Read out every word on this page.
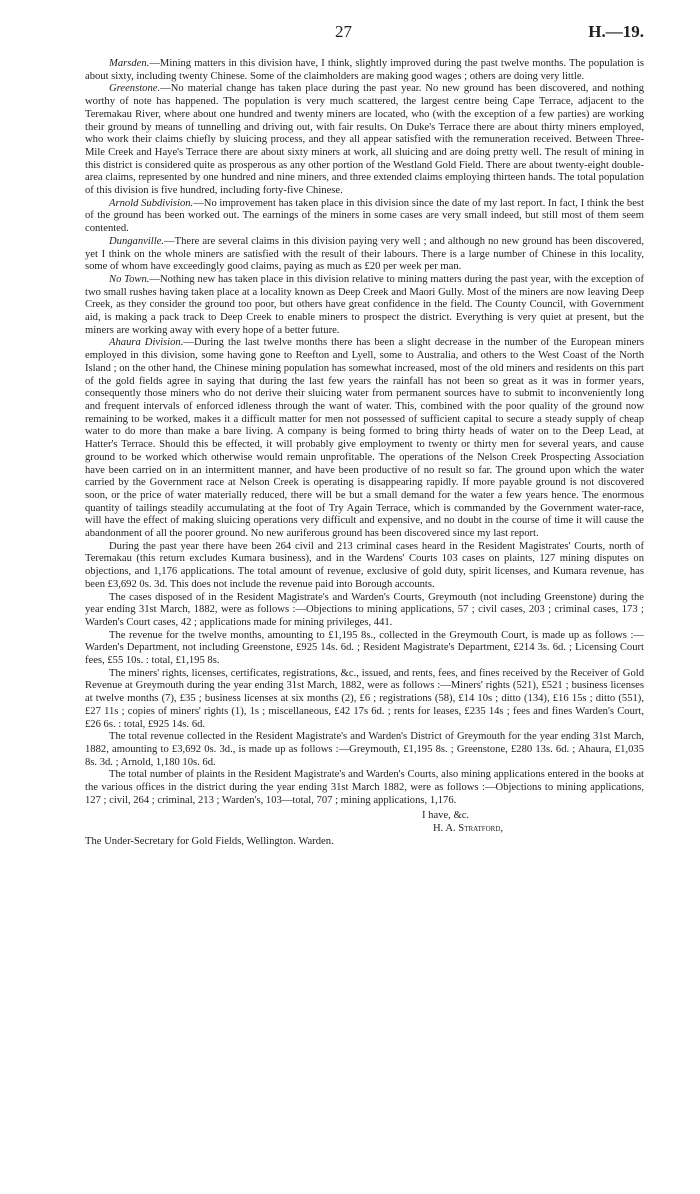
27	H.—19.

Marsden.—Mining matters in this division have, I think, slightly improved during the past twelve months. The population is about sixty, including twenty Chinese. Some of the claimholders are making good wages ; others are doing very little.

Greenstone.—No material change has taken place during the past year. No new ground has been discovered, and nothing worthy of note has happened. The population is very much scattered, the largest centre being Cape Terrace, adjacent to the Teremakau River, where about one hundred and twenty miners are located, who (with the exception of a few parties) are working their ground by means of tunnelling and driving out, with fair results. On Duke's Terrace there are about thirty miners employed, who work their claims chiefly by sluicing process, and they all appear satisfied with the remuneration received. Between Three-Mile Creek and Haye's Terrace there are about sixty miners at work, all sluicing and are doing pretty well. The result of mining in this district is considered quite as prosperous as any other portion of the Westland Gold Field. There are about twenty-eight double-area claims, represented by one hundred and nine miners, and three extended claims employing thirteen hands. The total population of this division is five hundred, including forty-five Chinese.

Arnold Subdivision.—No improvement has taken place in this division since the date of my last report. In fact, I think the best of the ground has been worked out. The earnings of the miners in some cases are very small indeed, but still most of them seem contented.

Dunganville.—There are several claims in this division paying very well ; and although no new ground has been discovered, yet I think on the whole miners are satisfied with the result of their labours. There is a large number of Chinese in this locality, some of whom have exceedingly good claims, paying as much as £20 per week per man.

No Town.—Nothing new has taken place in this division relative to mining matters during the past year, with the exception of two small rushes having taken place at a locality known as Deep Creek and Maori Gully. Most of the miners are now leaving Deep Creek, as they consider the ground too poor, but others have great confidence in the field. The County Council, with Government aid, is making a pack track to Deep Creek to enable miners to prospect the district. Everything is very quiet at present, but the miners are working away with every hope of a better future.

Ahaura Division.—During the last twelve months there has been a slight decrease in the number of the European miners employed in this division, some having gone to Reefton and Lyell, some to Australia, and others to the West Coast of the North Island ; on the other hand, the Chinese mining population has somewhat increased, most of the old miners and residents on this part of the gold fields agree in saying that during the last few years the rainfall has not been so great as it was in former years, consequently those miners who do not derive their sluicing water from permanent sources have to submit to inconveniently long and frequent intervals of enforced idleness through the want of water. This, combined with the poor quality of the ground now remaining to be worked, makes it a difficult matter for men not possessed of sufficient capital to secure a steady supply of cheap water to do more than make a bare living. A company is being formed to bring thirty heads of water on to the Deep Lead, at Hatter's Terrace. Should this be effected, it will probably give employment to twenty or thirty men for several years, and cause ground to be worked which otherwise would remain unprofitable. The operations of the Nelson Creek Prospecting Association have been carried on in an intermittent manner, and have been productive of no result so far. The ground upon which the water carried by the Government race at Nelson Creek is operating is disappearing rapidly. If more payable ground is not discovered soon, or the price of water materially reduced, there will be but a small demand for the water a few years hence. The enormous quantity of tailings steadily accumulating at the foot of Try Again Terrace, which is commanded by the Government water-race, will have the effect of making sluicing operations very difficult and expensive, and no doubt in the course of time it will cause the abandonment of all the poorer ground. No new auriferous ground has been discovered since my last report.

During the past year there have been 264 civil and 213 criminal cases heard in the Resident Magistrates' Courts, north of Teremakau (this return excludes Kumara business), and in the Wardens' Courts 103 cases on plaints, 127 mining disputes on objections, and 1,176 applications. The total amount of revenue, exclusive of gold duty, spirit licenses, and Kumara revenue, has been £3,692 0s. 3d. This does not include the revenue paid into Borough accounts.

The cases disposed of in the Resident Magistrate's and Warden's Courts, Greymouth (not including Greenstone) during the year ending 31st March, 1882, were as follows :—Objections to mining applications, 57 ; civil cases, 203 ; criminal cases, 173 ; Warden's Court cases, 42 ; applications made for mining privileges, 441.

The revenue for the twelve months, amounting to £1,195 8s., collected in the Greymouth Court, is made up as follows :—Warden's Department, not including Greenstone, £925 14s. 6d. ; Resident Magistrate's Department, £214 3s. 6d. ; Licensing Court fees, £55 10s. : total, £1,195 8s.

The miners' rights, licenses, certificates, registrations, &c., issued, and rents, fees, and fines received by the Receiver of Gold Revenue at Greymouth during the year ending 31st March, 1882, were as follows :—Miners' rights (521), £521 ; business licenses at twelve months (7), £35 ; business licenses at six months (2), £6 ; registrations (58), £14 10s ; ditto (134), £16 15s ; ditto (551), £27 11s ; copies of miners' rights (1), 1s ; miscellaneous, £42 17s 6d. ; rents for leases, £235 14s ; fees and fines Warden's Court, £26 6s. : total, £925 14s. 6d.

The total revenue collected in the Resident Magistrate's and Warden's District of Greymouth for the year ending 31st March, 1882, amounting to £3,692 0s. 3d., is made up as follows :—Greymouth, £1,195 8s. ; Greenstone, £280 13s. 6d. ; Ahaura, £1,035 8s. 3d. ; Arnold, 1,180 10s. 6d.

The total number of plaints in the Resident Magistrate's and Warden's Courts, also mining applications entered in the books at the various offices in the district during the year ending 31st March 1882, were as follows :—Objections to mining applications, 127 ; civil, 264 ; criminal, 213 ; Warden's, 103—total, 707 ; mining applications, 1,176.

I have, &c.
H. A. Stratford,
The Under-Secretary for Gold Fields, Wellington. Warden.
